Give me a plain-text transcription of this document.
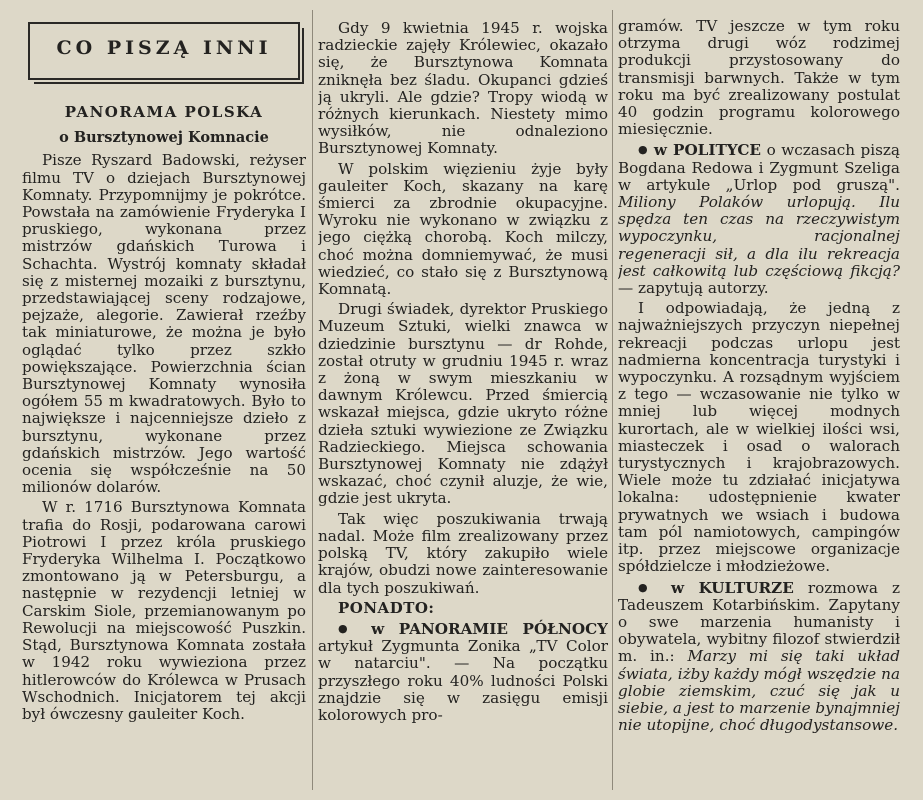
CO PISZĄ INNI
PANORAMA POLSKA
o Bursztynowej Komnacie

Pisze Ryszard Badowski, reżyser filmu TV o dziejach Bursztynowej Komnaty. Przypomnijmy je pokrótce. Powstała na zamówienie Fryderyka I pruskiego, wykonana przez mistrzów gdańskich Turowa i Schachta. Wystrój komnaty składał się z misternej mozaiki z bursztynu, przedstawiającej sceny rodzajowe, pejzaże, alegorie. Zawierał rzeźby tak miniaturowe, że można je było oglądać tylko przez szkło powiększające. Powierzchnia ścian Bursztynowej Komnaty wynosiła ogółem 55 m kwadratowych. Było to największe i najcenniejsze dzieło z bursztynu, wykonane przez gdańskich mistrzów. Jego wartość ocenia się współcześnie na 50 milionów dolarów.

W r. 1716 Bursztynowa Komnata trafia do Rosji, podarowana carowi Piotrowi I przez króla pruskiego Fryderyka Wilhelma I. Początkowo zmontowano ją w Petersburgu, a następnie w rezydencji letniej w Carskim Siole, przemianowanym po Rewolucji na miejscowość Puszkin. Stąd, Bursztynowa Komnata została w 1942 roku wywieziona przez hitlerowców do Królewca w Prusach Wschodnich. Inicjatorem tej akcji był ówczesny gauleiter Koch.

Gdy 9 kwietnia 1945 r. wojska radzieckie zajęły Królewiec, okazało się, że Bursztynowa Komnata zniknęła bez śladu. Okupanci gdzieś ją ukryli. Ale gdzie? Tropy wiodą w różnych kierunkach. Niestety mimo wysiłków, nie odnaleziono Bursztynowej Komnaty.

W polskim więzieniu żyje były gauleiter Koch, skazany na karę śmierci za zbrodnie okupacyjne. Wyroku nie wykonano w związku z jego ciężką chorobą. Koch milczy, choć można domniemywać, że musi wiedzieć, co stało się z Bursztynową Komnatą.

Drugi świadek, dyrektor Pruskiego Muzeum Sztuki, wielki znawca w dziedzinie bursztynu — dr Rohde, został otruty w grudniu 1945 r. wraz z żoną w swym mieszkaniu w dawnym Królewcu. Przed śmiercią wskazał miejsca, gdzie ukryto różne dzieła sztuki wywiezione ze Związku Radzieckiego. Miejsca schowania Bursztynowej Komnaty nie zdążył wskazać, choć czynił aluzje, że wie, gdzie jest ukryta.

Tak więc poszukiwania trwają nadal. Może film zrealizowany przez polską TV, który zakupiło wiele krajów, obudzi nowe zainteresowanie dla tych poszukiwań.

PONADTO:

● w PANORAMIE PÓŁNOCY artykuł Zygmunta Zonika „TV Color w natarciu". — Na początku przyszłego roku 40% ludności Polski znajdzie się w zasięgu emisji kolorowych pro-

gramów. TV jeszcze w tym roku otrzyma drugi wóz rodzimej produkcji przystosowany do transmisji barwnych. Także w tym roku ma być zrealizowany postulat 40 godzin programu kolorowego miesięcznie.

● w POLITYCE o wczasach piszą Bogdana Redowa i Zygmunt Szeliga w artykule „Urlop pod gruszą". Miliony Polaków urlopują. Ilu spędza ten czas na rzeczywistym wypoczynku, racjonalnej regeneracji sił, a dla ilu rekreacja jest całkowitą lub częściową fikcją? — zapytują autorzy.

I odpowiadają, że jedną z najważniejszych przyczyn niepełnej rekreacji podczas urlopu jest nadmierna koncentracja turystyki i wypoczynku. A rozsądnym wyjściem z tego — wczasowanie nie tylko w mniej lub więcej modnych kurortach, ale w wielkiej ilości wsi, miasteczek i osad o walorach turystycznych i krajobrazowych. Wiele może tu zdziałać inicjatywa lokalna: udostępnienie kwater prywatnych we wsiach i budowa tam pól namiotowych, campingów itp. przez miejscowe organizacje spółdzielcze i młodzieżowe.

● w KULTURZE rozmowa z Tadeuszem Kotarbińskim. Zapytany o swe marzenia humanisty i obywatela, wybitny filozof stwierdził m. in.: Marzy mi się taki układ świata, iżby każdy mógł wszędzie na globie ziemskim, czuć się jak u siebie, a jest to marzenie bynajmniej nie utopijne, choć długodystansowe.
